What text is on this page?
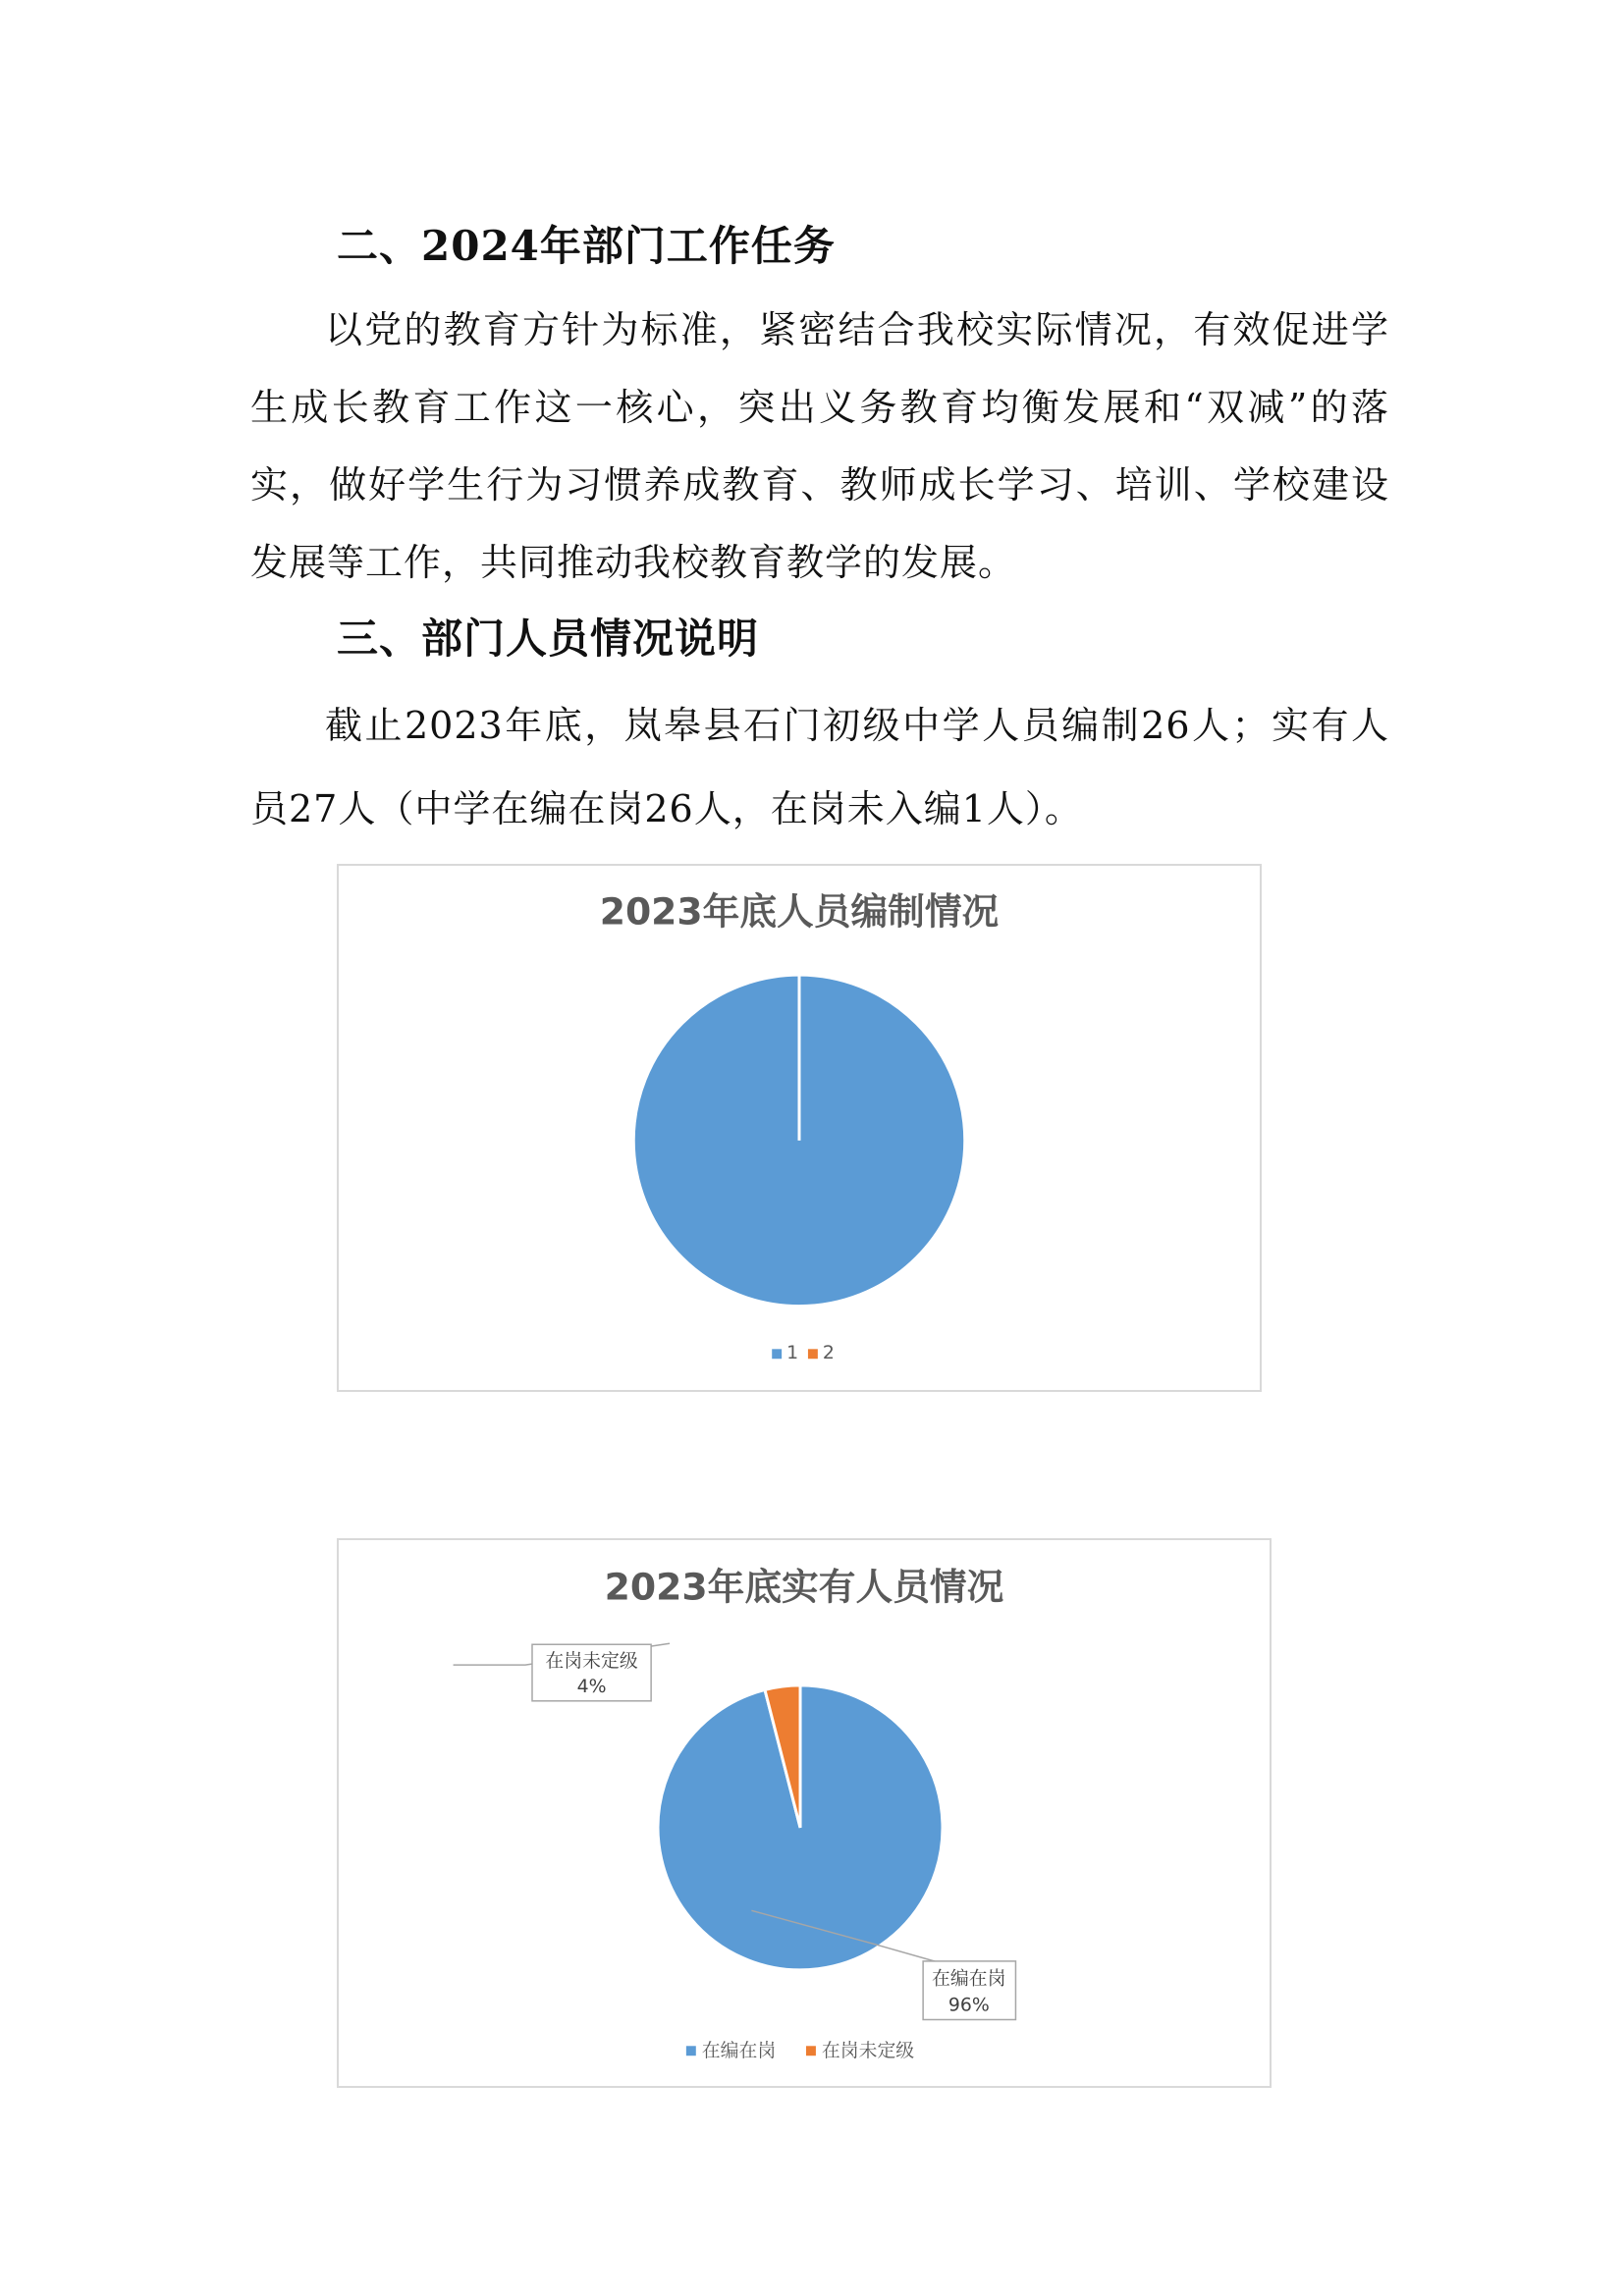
二、2024年部门工作任务

以党的教育方针为标准，紧密结合我校实际情况，有效促进学生成长教育工作这一核心，突出义务教育均衡发展和“双减”的落实，做好学生行为习惯养成教育、教师成长学习、培训、学校建设发展等工作，共同推动我校教育教学的发展。

三、部门人员情况说明

截止2023年底，岚皋县石门初级中学人员编制26人；实有人员27人（中学在编在岗26人，在岗未入编1人）。

2023年底人员编制情况
1 2
2023年底实有人员情况
在岗未定级
4%
在编在岗
96%
在编在岗 在岗未定级
